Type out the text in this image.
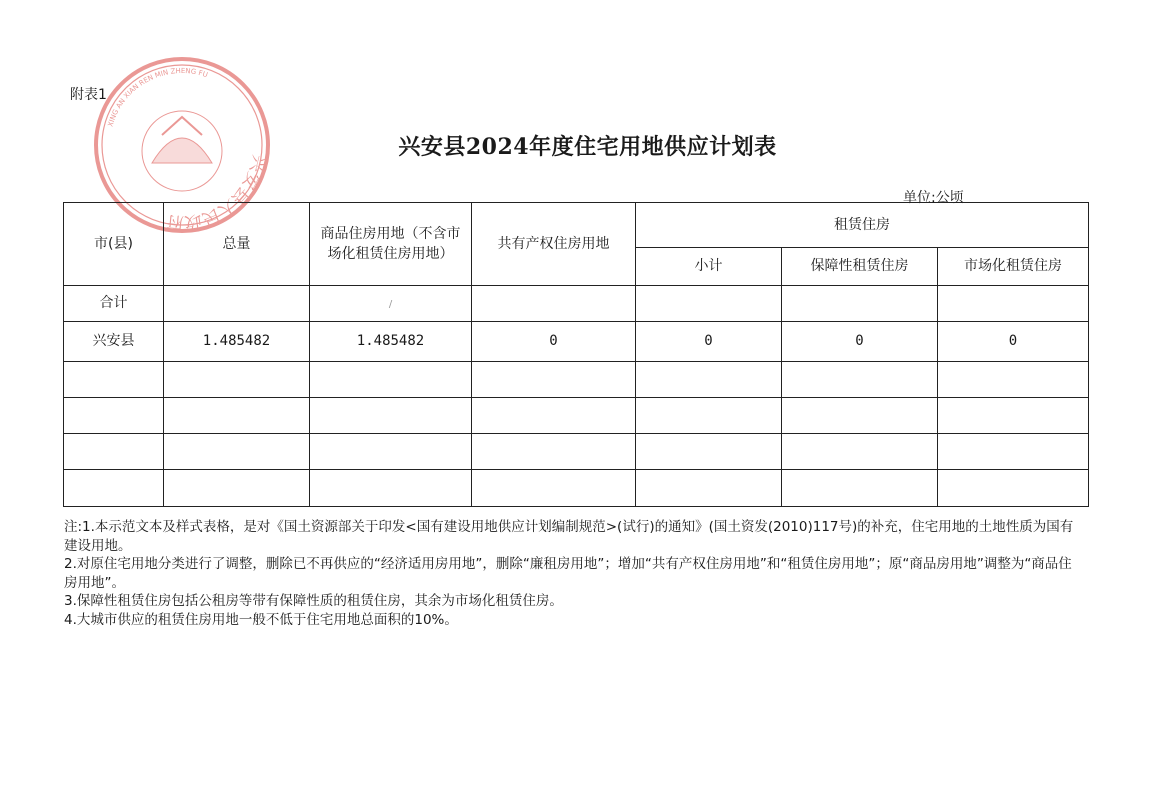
附表1
兴安县人民政府
XING AN XIAN REN MIN ZHENG FU
兴安县2024年度住宅用地供应计划表
单位:公顷
市(县)	总量	商品住房用地（不含市场化租赁住房用地）	共有产权住房用地	租赁住房		
				小计	保障性租赁住房	市场化租赁住房
合计		/				
兴安县	1.485482	1.485482	0	0	0	0

注:1.本示范文本及样式表格，是对《国土资源部关于印发<国有建设用地供应计划编制规范>(试行)的通知》(国土资发(2010)117号)的补充，住宅用地的土地性质为国有建设用地。

2.对原住宅用地分类进行了调整，删除已不再供应的“经济适用房用地”，删除“廉租房用地”；增加“共有产权住房用地”和“租赁住房用地”；原“商品房用地”调整为“商品住房用地”。

3.保障性租赁住房包括公租房等带有保障性质的租赁住房，其余为市场化租赁住房。

4.大城市供应的租赁住房用地一般不低于住宅用地总面积的10%。
